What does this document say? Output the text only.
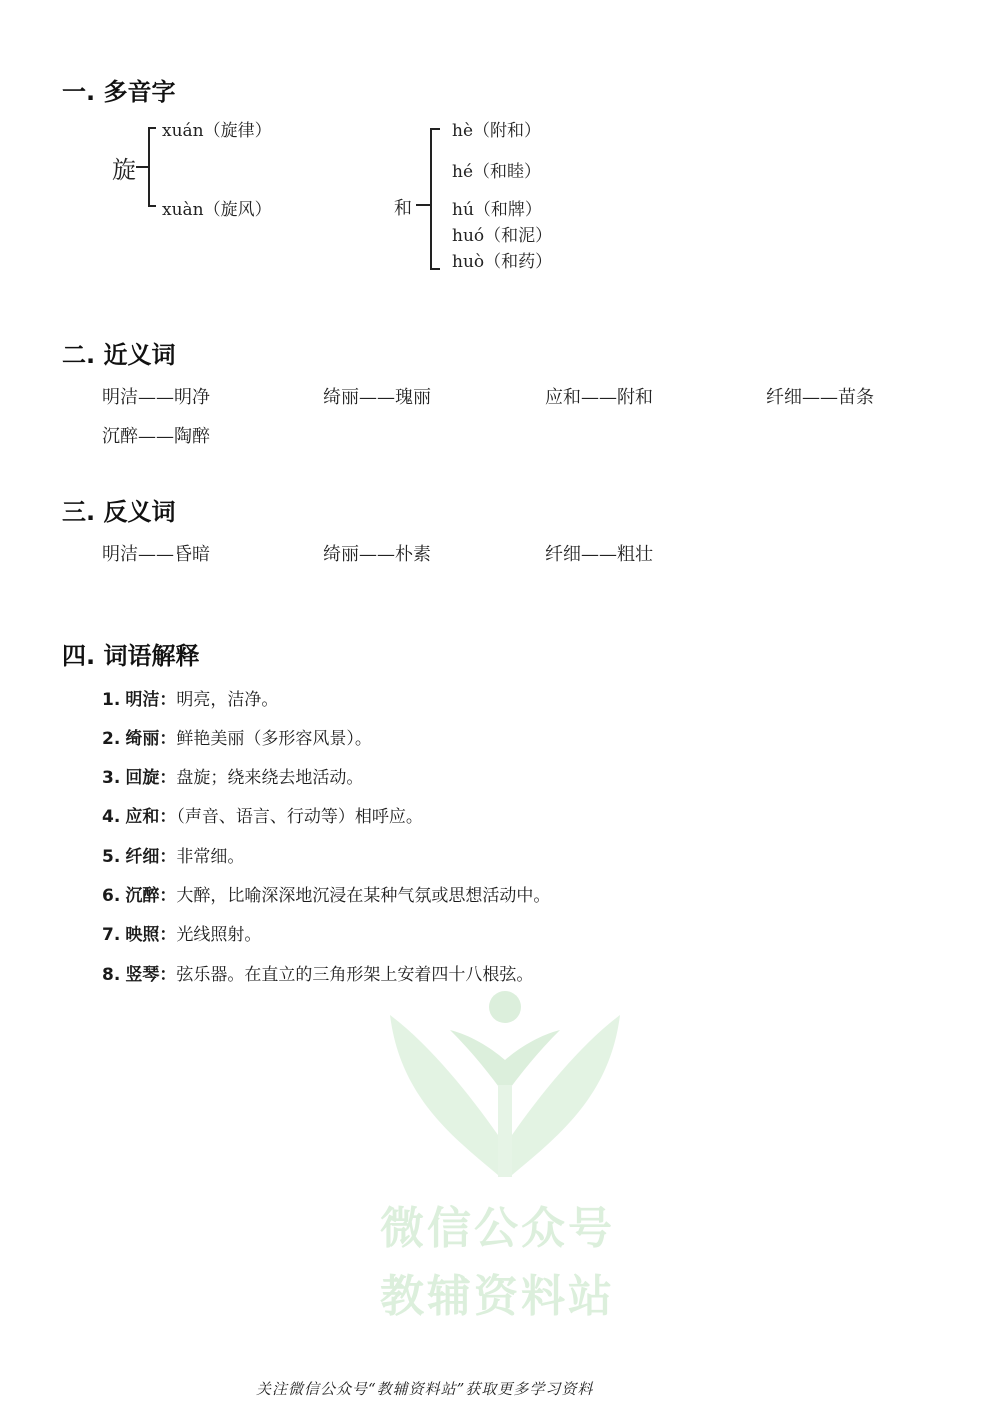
一. 多音字
旋
xuán（旋律）
xuàn（旋风）	和
hè（附和）
hé（和睦）
hú（和牌）
huó（和泥）
huò（和药）
二. 近义词
明洁——明净	绮丽——瑰丽	应和——附和	纤细——苗条
沉醉——陶醉
三. 反义词
明洁——昏暗	绮丽——朴素	纤细——粗壮
四. 词语解释
1. 明洁：明亮，洁净。
2. 绮丽：鲜艳美丽（多形容风景）。
3. 回旋：盘旋；绕来绕去地活动。
4. 应和：（声音、语言、行动等）相呼应。
5. 纤细：非常细。
6. 沉醉：大醉，比喻深深地沉浸在某种气氛或思想活动中。
7. 映照：光线照射。
8. 竖琴：弦乐器。在直立的三角形架上安着四十八根弦。
微信公众号
教辅资料站
关注微信公众号“教辅资料站”获取更多学习资料
